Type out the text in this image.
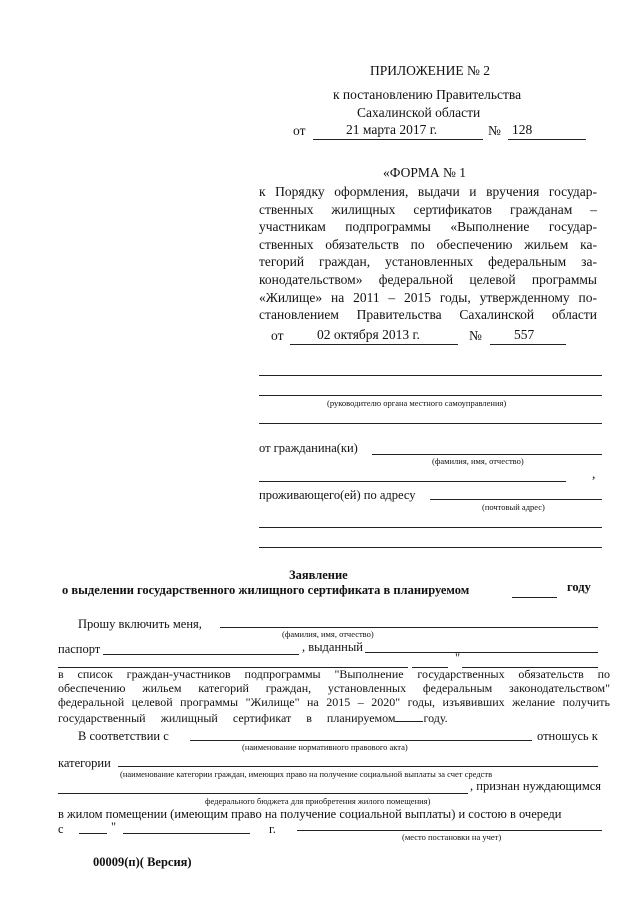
ПРИЛОЖЕНИЕ № 2
к постановлению Правительства
Сахалинской области
от	21 марта 2017 г.	№ 128
«ФОРМА № 1
к Порядку оформления, выдачи и вручения государ-
ственных жилищных сертификатов гражданам –
участникам подпрограммы «Выполнение государ-
ственных обязательств по обеспечению жильем ка-
тегорий граждан, установленных федеральным за-
конодательством» федеральной целевой программы
«Жилище» на 2011 – 2015 годы, утвержденному по-
становлением Правительства Сахалинской области
от 02 октября 2013 г.	№ 557
(руководителю органа местного самоуправления)
от гражданина(ки)
(фамилия, имя, отчество)
,
проживающего(ей) по адресу
(почтовый адрес)
Заявление
о выделении государственного жилищного сертификата в планируемом	году
Прошу включить меня,
(фамилия, имя, отчество)
паспорт	, выданный
"
в список граждан-участников подпрограммы "Выполнение государственных обязательств по
обеспечению жильем категорий граждан, установленных федеральным законодательством"
федеральной целевой программы "Жилище" на 2015 – 2020" годы, изъявивших желание получить
государственный жилищный сертификат в планируемом году.
В соответствии с	отношусь к
(наименование нормативного правового акта)
категории
(наименование категории граждан, имеющих право на получение социальной выплаты за счет средств
, признан нуждающимся
федерального бюджета для приобретения жилого помещения)
в жилом помещении (имеющим право на получение социальной выплаты) и состою в очереди
с	"	г.
(место постановки на учет)
00009(п)( Версия)
